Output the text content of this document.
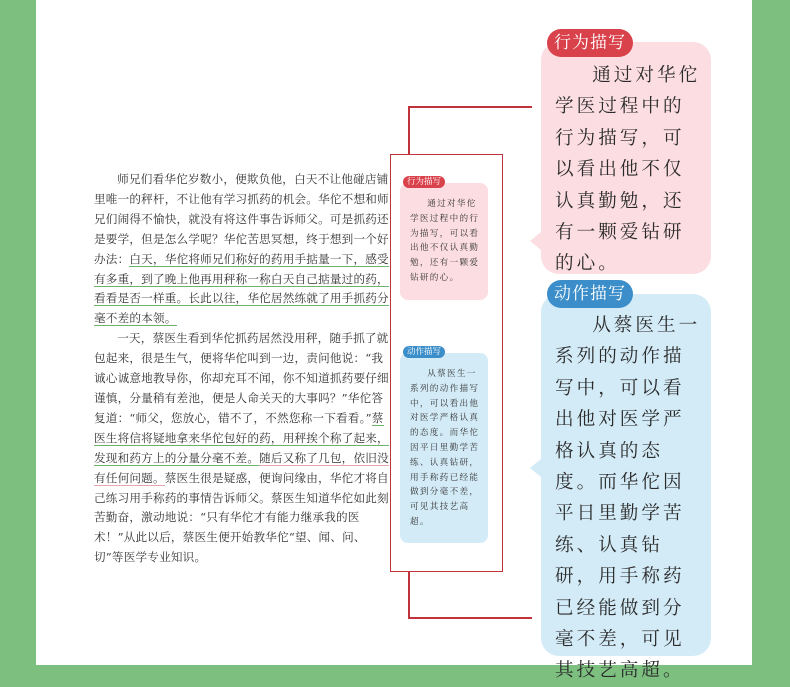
师兄们看华佗岁数小，便欺负他，白天不让他碰店铺里唯一的秤杆，不让他有学习抓药的机会。华佗不想和师兄们闹得不愉快，就没有将这件事告诉师父。可是抓药还是要学，但是怎么学呢？华佗苦思冥想，终于想到一个好办法：白天，华佗将师兄们称好的药用手掂量一下，感受有多重，到了晚上他再用秤称一称白天自己掂量过的药，看看是否一样重。长此以往，华佗居然练就了用手抓药分毫不差的本领。

一天，蔡医生看到华佗抓药居然没用秤，随手抓了就包起来，很是生气，便将华佗叫到一边，责问他说：“我诚心诚意地教导你，你却充耳不闻，你不知道抓药要仔细谨慎，分量稍有差池，便是人命关天的大事吗？”华佗答复道：“师父，您放心，错不了，不然您称一下看看。”蔡医生将信将疑地拿来华佗包好的药，用秤挨个称了起来，发现和药方上的分量分毫不差。随后又称了几包，依旧没有任何问题。蔡医生很是疑惑，便询问缘由，华佗才将自己练习用手称药的事情告诉师父。蔡医生知道华佗如此刻苦勤奋，激动地说：“只有华佗才有能力继承我的医术！”从此以后，蔡医生便开始教华佗“望、闻、问、切”等医学专业知识。

通过对华佗学医过程中的行为描写，可以看出他不仅认真勤勉，还有一颗爱钻研的心。

行为描写

从蔡医生一系列的动作描写中，可以看出他对医学严格认真的态度。而华佗因平日里勤学苦练、认真钻研，用手称药已经能做到分毫不差，可见其技艺高超。

动作描写

通过对华佗学医过程中的行为描写，可以看出他不仅认真勤勉，还有一颗爱钻研的心。

行为描写

从蔡医生一系列的动作描写中，可以看出他对医学严格认真的态度。而华佗因平日里勤学苦练、认真钻研，用手称药已经能做到分毫不差，可见其技艺高超。

动作描写
